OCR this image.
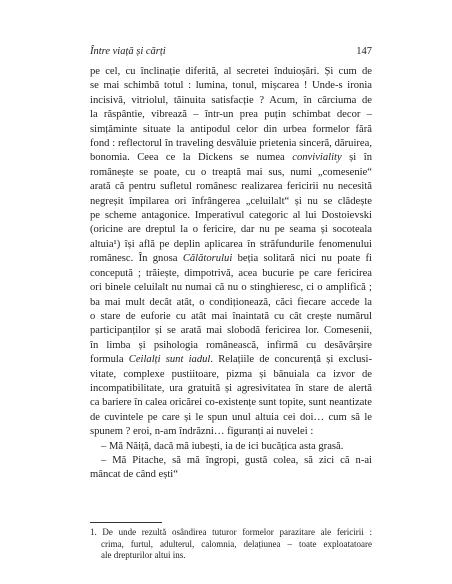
Între viață și cărți	147
pe cel, cu înclinație diferită, al secretei înduioșări. Și cum de
se mai schimbă totul : lumina, tonul, mișcarea ! Unde-s ironia
incisivă, vitriolul, tăinuita satisfacție ? Acum, în cârciuma de
la răspântie, vibrează – într-un prea puțin schimbat decor –
simțăminte situate la antipodul celor din urbea formelor fără
fond : reflectorul în traveling desvăluie prietenia sinceră, dăruirea,
bonomia. Ceea ce la Dickens se numea conviviality și în
românește se poate, cu o treaptă mai sus, numi „comesenie“
arată că pentru sufletul românesc realizarea fericirii nu necesită
negreșit împilarea ori înfrângerea „celuilalt“ și nu se clădește
pe scheme antagonice. Imperativul categoric al lui Dostoievski
(oricine are dreptul la o fericire, dar nu pe seama și socoteala
altuia¹) își află pe deplin aplicarea în străfundurile fenomenului
românesc. În gnosa Călătorului bețiа solitară nici nu poate fi
concepută ; trăiește, dimpotrivă, acea bucurie pe care fericirea
ori binele celuilalt nu numai că nu o stinghieresc, ci o amplifică ;
ba mai mult decât atât, o condiționează, căci fiecare accede la
o stare de euforie cu atât mai înaintată cu cât crește numărul
participanților și se arată mai slobodă fericirea lor. Comesenii,
în limba și psihologia românească, infirmă cu desăvârșire
formula Ceilalți sunt iadul. Relațiile de concurență și exclusi-
vitate, complexe pustiitoare, pizma și bănuiala ca izvor de
incompatibilitate, ura gratuită și agresivitatea în stare de alertă
ca barierе în calea oricărei co-existențe sunt topite, sunt neantizate
de cuvintele pe care și le spun unul altuia cei doi… cum să le
spunem ? eroi, n-am îndrăzni… figuranți ai nuvelei :
– Mă Năiță, dacă mă iubești, ia de ici bucățica asta grasă.
– Mă Pitache, să mă îngropi, gustă colea, să zici că n-ai
mâncat de când ești“
1. De unde rezultă osândirea tuturor formelor parazitare ale fericirii :
crima, furtul, adulterul, calomnia, delațiunea – toate exploatatoare
ale drepturilor altui ins.
